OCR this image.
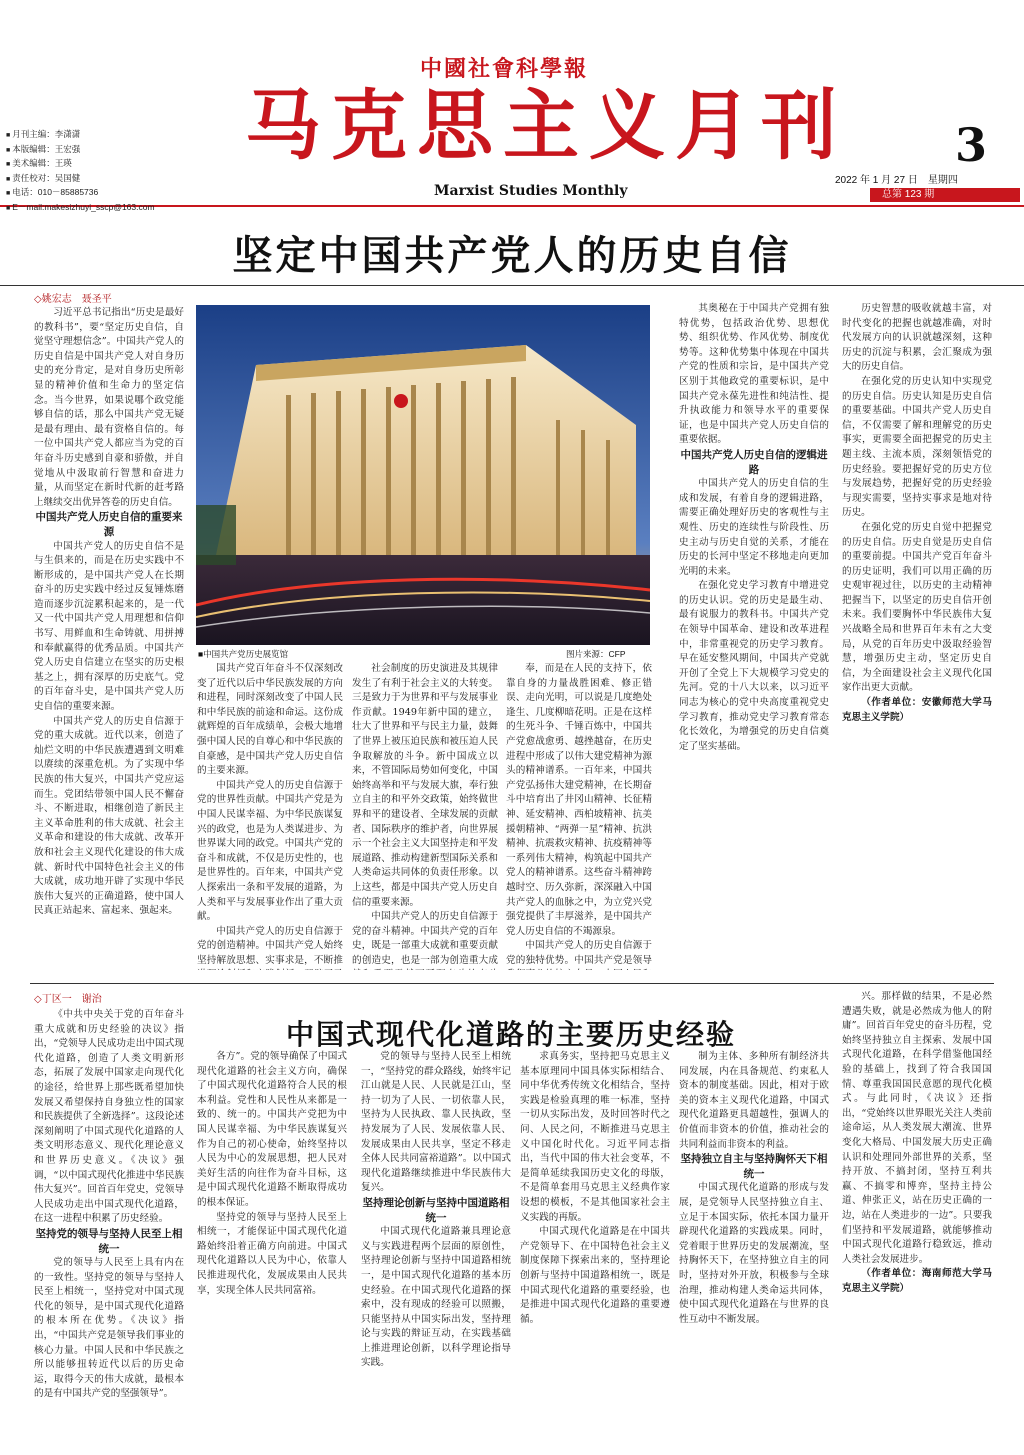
中國社會科學報
马克思主义月刊
Marxist Studies Monthly
3
2022 年 1 月 27 日　星期四
总第 123 期
■ 月刊主编：李潇潇
■ 本版编辑：王宏强
■ 美术编辑：王瑛
■ 责任校对：吴国健
■ 电话：010－85885736
■ E－mail:makesizhuyi_sscp@163.com
坚定中国共产党人的历史自信
◇姚宏志　聂圣平

习近平总书记指出“历史是最好的教科书”，要“坚定历史自信，自觉坚守理想信念”。中国共产党人的历史自信是中国共产党人对自身历史的充分肯定，是对自身历史所彰显的精神价值和生命力的坚定信念。当今世界，如果说哪个政党能够自信的话，那么中国共产党无疑是最有理由、最有资格自信的。每一位中国共产党人都应当为党的百年奋斗历史感到自豪和骄傲，并自觉地从中汲取前行智慧和奋进力量，从而坚定在新时代新的赶考路上继续交出优异答卷的历史自信。

中国共产党人历史自信的重要来源

中国共产党人的历史自信不是与生俱来的，而是在历史实践中不断形成的，是中国共产党人在长期奋斗的历史实践中经过反复锤炼磨造而逐步沉淀累积起来的，是一代又一代中国共产党人用理想和信仰书写、用鲜血和生命铸就、用拼搏和奉献赢得的优秀品质。中国共产党人历史自信建立在坚实的历史根基之上，拥有深厚的历史底气。党的百年奋斗史，是中国共产党人历史自信的重要来源。

中国共产党人的历史自信源于党的重大成就。近代以来，创造了灿烂文明的中华民族遭遇到文明难以赓续的深重危机。为了实现中华民族的伟大复兴，中国共产党应运而生。党团结带领中国人民不懈奋斗、不断进取，相继创造了新民主主义革命胜利的伟大成就、社会主义革命和建设的伟大成就、改革开放和社会主义现代化建设的伟大成就、新时代中国特色社会主义的伟大成就，成功地开辟了实现中华民族伟大复兴的正确道路，使中国人民真正站起来、富起来、强起来。

■中国共产党历史展览馆	图片来源：CFP

国共产党百年奋斗不仅深刻改变了近代以后中华民族发展的方向和进程，同时深刻改变了中国人民和中华民族的前途和命运。这份成就辉煌的百年成绩单，会极大地增强中国人民的自尊心和中华民族的自豪感，是中国共产党人历史自信的主要来源。

中国共产党人的历史自信源于党的世界性贡献。中国共产党是为中国人民谋幸福、为中华民族谋复兴的政党，也是为人类谋进步、为世界谋大同的政党。中国共产党的奋斗和成就，不仅是历史性的，也是世界性的。百年来，中国共产党人探索出一条和平发展的道路，为人类和平与发展事业作出了重大贡献。

中国共产党人的历史自信源于党的创造精神。中国共产党人始终坚持解放思想、实事求是，不断推

社会制度的历史演进及其规律发生了有利于社会主义的大转变。三是致力于为世界和平与发展事业作贡献。1949年新中国的建立，壮大了世界和平与民主力量，鼓舞了世界上被压迫民族和被压迫人民争取解放的斗争。新中国成立以来，不管国际局势如何变化，中国始终高举和平与发展大旗，奉行独立自主的和平外交政策，始终做世界和平的建设者、全球发展的贡献者、国际秩序的维护者，向世界展示一个社会主义大国坚持走和平发展道路、推动构建新型国际关系和人类命运共同体的负责任形象。以上这些，都是中国共产党人历史自信的重要来源。

中国共产党人的历史自信源于党的奋斗精神。中国共产党的百年史，既是一部重大成就和重要贡献的创造史，也是一部为创造重大成

奉，而是在人民的支持下，依靠自身的力量战胜困难、修正错误、走向光明，可以说是几度绝处逢生、几度柳暗花明。正是在这样的生死斗争、千锤百炼中，中国共产党愈战愈勇、越挫越奋，在历史进程中形成了以伟大建党精神为源头的精神谱系。一百年来，中国共产党弘扬伟大建党精神，在长期奋斗中培育出了井冈山精神、长征精神、延安精神、西柏坡精神、抗美援朝精神、“两弹一星”精神、抗洪精神、抗震救灾精神、抗疫精神等一系列伟大精神，构筑起中国共产党人的精神谱系。这些奋斗精神跨越时空、历久弥新，深深融入中国共产党人的血脉之中，为立党兴党强党提供了丰厚滋养，是中国共产党人历史自信的不竭源泉。

中国共产党人的历史自信源于党的独特优势。中国共产党是领导

其奥秘在于中国共产党拥有独特优势，包括政治优势、思想优势、组织优势、作风优势、制度优势等。这种优势集中体现在中国共产党的性质和宗旨，是中国共产党区别于其他政党的重要标识，是中国共产党永葆先进性和纯洁性、提升执政能力和领导水平的重要保证，也是中国共产党人历史自信的重要依据。

中国共产党人历史自信的逻辑进路

中国共产党人的历史自信的生成和发展，有着自身的逻辑进路，需要正确处理好历史的客观性与主观性、历史的连续性与阶段性、历史主动与历史自觉的关系，才能在历史的长河中坚定不移地走向更加光明的未来。

在强化党史学习教育中增进党的历史认识。党的历史是最生动、最有说服力的教科书。中国共产党在领导中国革命、建设和改革进程中，非常重视党的历史学习教育。早在延安整风期间，中国共产党就开创了全党上下大规模学习党史的先河。党的十八大以来，以习近平同志为核心的党中央高度重视党史学习教育，推动党史学习教育常态化长效化，为增强党的历史自信奠定了坚实基础。

历史智慧的吸收就越丰富，对时代变化的把握也就越准确，对时代发展方向的认识就越深刻，这种历史的沉淀与积累，会汇聚成为强大的历史自信。

在强化党的历史认知中实现党的历史自信。历史认知是历史自信的重要基础。中国共产党人历史自信，不仅需要了解和理解党的历史事实，更需要全面把握党的历史主题主线、主流本质，深刻领悟党的历史经验。要把握好党的历史方位与发展趋势，把握好党的历史经验与现实需要，坚持实事求是地对待历史。

在强化党的历史自觉中把握党的历史自信。历史自觉是历史自信的重要前提。中国共产党百年奋斗的历史证明，我们可以用正确的历史观审视过往，以历史的主动精神把握当下，以坚定的历史自信开创未来。我们要胸怀中华民族伟大复兴战略全局和世界百年未有之大变局，从党的百年历史中汲取经验智慧，增强历史主动，坚定历史自信，为全面建设社会主义现代化国家作出更大贡献。

（作者单位：安徽师范大学马克思主义学院）

◇丁区一　谢治
中国式现代化道路的主要历史经验

《中共中央关于党的百年奋斗重大成就和历史经验的决议》指出，“党领导人民成功走出中国式现代化道路，创造了人类文明新形态，拓展了发展中国家走向现代化的途径，给世界上那些既希望加快发展又希望保持自身独立性的国家和民族提供了全新选择”。这段论述深刻阐明了中国式现代化道路的人类文明形态意义、现代化理论意义和世界历史意义。《决议》强调，“以中国式现代化推进中华民族伟大复兴”。回首百年党史，党领导人民成功走出中国式现代化道路，在这一进程中积累了历史经验。

坚持党的领导与坚持人民至上相统一

党的领导与人民至上具有内在的一致性。坚持党的领导与坚持人民至上相统一，坚持党对中国式现代化的领导，是中国式现代化道路的根本所在优势。《决议》指出，“中国共产党是领导我们事业的核心力量。中国人民和中华民族之所以能够扭转近代以后的历史命运，取得今天的伟大成就，最根本的是有中国共产党的坚强领导”。

各方”。党的领导确保了中国式现代化道路的社会主义方向，确保了中国式现代化道路符合人民的根本利益。党性和人民性从来都是一致的、统一的。中国共产党把为中国人民谋幸福、为中华民族谋复兴作为自己的初心使命，始终坚持以人民为中心的发展思想，把人民对美好生活的向往作为奋斗目标，这是中国式现代化道路不断取得成功的根本保证。

坚持党的领导与坚持人民至上相统一，才能保证中国式现代化道路始终沿着正确方向前进。中国式现代化道路以人民为中心，依靠人民推进现代化，发展成果由人民共享，实现全体人民共同富裕。

党的领导与坚持人民至上相统一，“坚持党的群众路线，始终牢记江山就是人民、人民就是江山，坚持一切为了人民、一切依靠人民，坚持为人民执政、靠人民执政，坚持发展为了人民、发展依靠人民、发展成果由人民共享，坚定不移走全体人民共同富裕道路”。以中国式现代化道路继续推进中华民族伟大复兴。

坚持理论创新与坚持中国道路相统一

中国式现代化道路兼具理论意义与实践进程两个层面的原创性，坚持理论创新与坚持中国道路相统一，是中国式现代化道路的基本历史经验。在中国式现代化道路的探索中，没有现成的经验可以照搬，只能坚持从中国实际出发，坚持理论与实践的辩证互动，在实践基础上推进理论创新，以科学理论指导实践。

求真务实，坚持把马克思主义基本原理同中国具体实际相结合、同中华优秀传统文化相结合，坚持实践是检验真理的唯一标准，坚持一切从实际出发，及时回答时代之问、人民之问，不断推进马克思主义中国化时代化。习近平同志指出，当代中国的伟大社会变革，不是简单延续我国历史文化的母版，不是简单套用马克思主义经典作家设想的模板，不是其他国家社会主义实践的再版。

中国式现代化道路是在中国共产党领导下、在中国特色社会主义制度保障下探索出来的，坚持理论创新与坚持中国道路相统一，既是中国式现代化道路的重要经验，也是推进中国式现代化道路的重要遵循。

制为主体、多种所有制经济共同发展，内在具备规范、约束私人资本的制度基础。因此，相对于欧美的资本主义现代化道路，中国式现代化道路更具超越性，强调人的价值而非资本的价值，推动社会的共同利益而非资本的利益。

坚持独立自主与坚持胸怀天下相统一

中国式现代化道路的形成与发展，是党领导人民坚持独立自主、立足于本国实际，依托本国力量开辟现代化道路的实践成果。同时，党着眼于世界历史的发展潮流，坚持胸怀天下，在坚持独立自主的同时，坚持对外开放，积极参与全球治理，推动构建人类命运共同体，使中国式现代化道路在与世界的良性互动中不断发展。

兴。那样做的结果，不是必然遭遇失败，就是必然成为他人的附庸”。回首百年党史的奋斗历程，党始终坚持独立自主探索、发展中国式现代化道路，在科学借鉴他国经验的基础上，找到了符合我国国情、尊重我国国民意愿的现代化模式。与此同时，《决议》还指出，“党始终以世界眼光关注人类前途命运，从人类发展大潮流、世界变化大格局、中国发展大历史正确认识和处理同外部世界的关系，坚持开放、不搞封闭，坚持互利共赢、不搞零和博弈，坚持主持公道、伸张正义，站在历史正确的一边，站在人类进步的一边”。只要我们坚持和平发展道路，就能够推动中国式现代化道路行稳致远，推动人类社会发展进步。

（作者单位：海南师范大学马克思主义学院）
